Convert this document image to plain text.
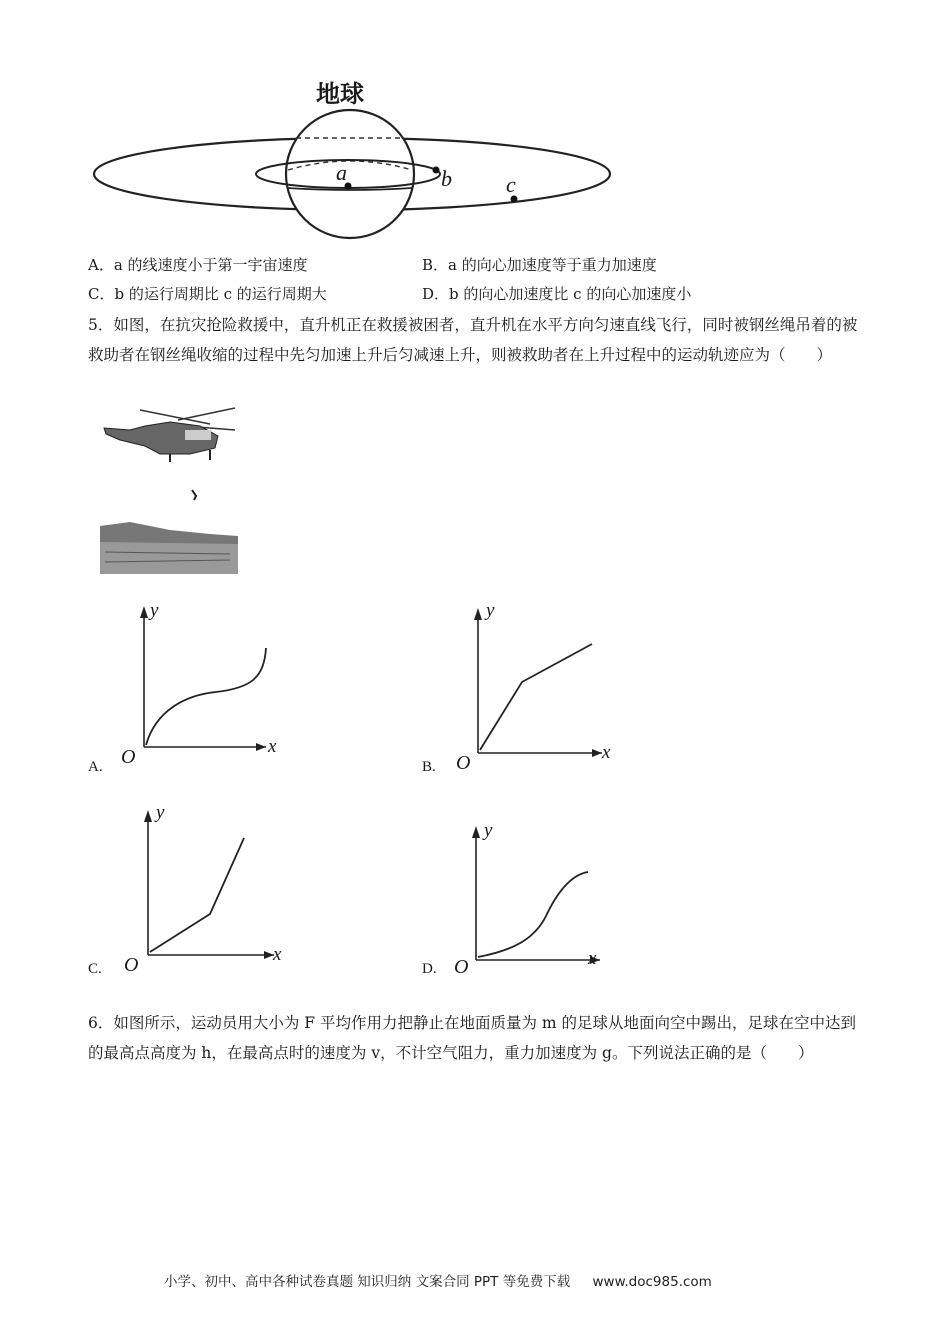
地球
a	b c
A．a 的线速度小于第一宇宙速度	B．a 的向心加速度等于重力加速度
C．b 的运行周期比 c 的运行周期大	D．b 的向心加速度比 c 的向心加速度小
5．如图，在抗灾抢险救援中，直升机正在救援被困者，直升机在水平方向匀速直线飞行，同时被钢丝绳吊着的被救助者在钢丝绳收缩的过程中先匀加速上升后匀减速上升，则被救助者在上升过程中的运动轨迹应为（　　）
A. O	x
y
B. O	x
y
C. O	x
y
D. O	x
y
6．如图所示，运动员用大小为 F 平均作用力把静止在地面质量为 m 的足球从地面向空中踢出，足球在空中达到的最高点高度为 h，在最高点时的速度为 v，不计空气阻力，重力加速度为 g。下列说法正确的是（　　）
小学、初中、高中各种试卷真题 知识归纳 文案合同 PPT 等免费下载 www.doc985.com
